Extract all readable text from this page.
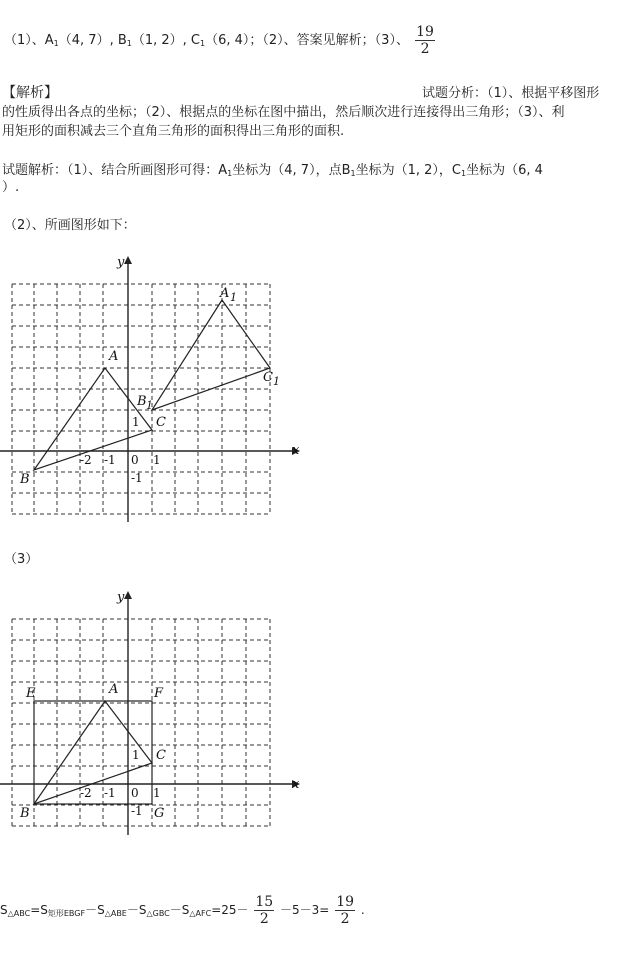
（1）、$A_1(4$, 7）, $B_1(1$, 2）, $C_1(6$, 4）；（2）、答案见解析；（3）、 $\frac{19}{2}$
【解析】	试题分析：（1）、根据平移图形
的性质得出各点的坐标；（2）、根据点的坐标在图中描出，然后顺次进行连接得出三角形；（3）、利
用矩形的面积减去三个直角三角形的面积得出三角形的面积.
试题解析：（1）、结合所画图形可得：$A_1$坐标为（4, 7），点$B_1$坐标为（1, 2），$C_1$坐标为（6, 4
）.
（2）、所画图形如下：
x
y
-2 -1 0 1
1
-1
A
B
C
A 1
B 1
C 1
（3）
x
y
-2 -1 0 1
1
-1
A
B
C
E	F
G
$S_{\triangle ABC}=S_{矩形EBGF}-S_{\triangle ABE}-S_{\triangle GBC}-S_{\triangle AFC}=25- \frac{15}{2} -5-3= \frac{19}{2}$ .
